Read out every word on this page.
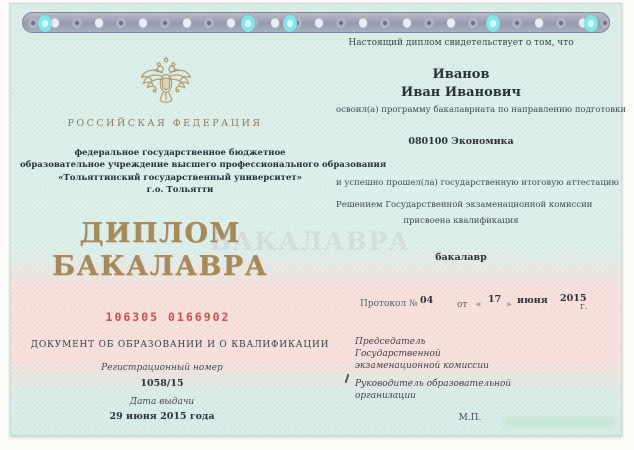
РОССИЙСКАЯ ФЕДЕРАЦИЯ
федеральное государственное бюджетное
образовательное учреждение высшего профессионального образования
«Тольяттинский государственный университет»
г.о. Тольятти
БАКАЛАВРА
ДИПЛОМ
БАКАЛАВРА
106305 0166902
ДОКУМЕНТ ОБ ОБРАЗОВАНИИ И О КВАЛИФИКАЦИИ
Регистрационный номер
1058/15
Дата выдачи
29 июня 2015 года
Настоящий диплом свидетельствует о том, что
Иванов
Иван Иванович
освоил(а) программу бакалавриата по направлению подготовки
080100 Экономика
и успешно прошел(ла) государственную итоговую аттестацию
Решением Государственной экзаменационной комиссии
присвоена квалификация
бакалавр
Протокол № 04	от « 17 » июня 2015
г.
Председатель
Государственной
экзаменационной комиссии
Руководитель образовательной
организации
М.П.
